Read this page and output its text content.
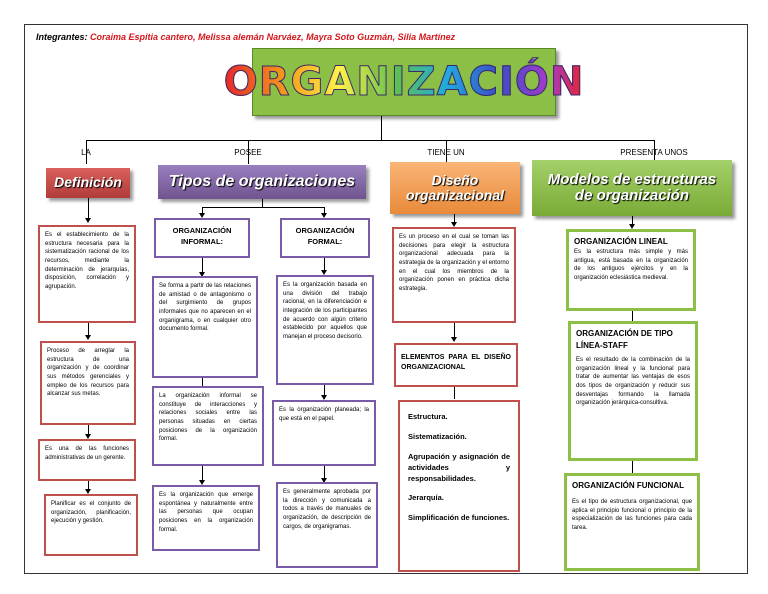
Integrantes: Coraima Espitia cantero, Melissa alemán Narváez, Mayra Soto Guzmán, Silia Martínez
ORGANIZACIÓN
LA	POSEE	TIENE UN	PRESENTA UNOS
Definición	Tipos de organizaciones	Diseño organizacional
Modelos de estructuras de organización
Es el establecimiento de la estructura necesaria para la sistematización racional de los recursos, mediante la determinación de jerarquías, disposición, correlación y agrupación.
Proceso de arreglar la estructura de una organización y de coordinar sus métodos gerenciales y empleo de los recursos para alcanzar sus metas.
Es una de las funciones administrativas de un gerente.
Planificar es el conjunto de organización, planificación, ejecución y gestión.
ORGANIZACIÓN INFORMAL:
Se forma a partir de las relaciones de amistad o de antagonismo o del surgimiento de grupos informales que no aparecen en el organigrama, o en cualquier otro documento formal.
La organización informal se constituye de interacciones y relaciones sociales entre las personas situadas en ciertas posiciones de la organización formal.
Es la organización que emerge espontánea y naturalmente entre las personas que ocupan posiciones en la organización formal.
ORGANIZACIÓN FORMAL:
Es la organización basada en una división del trabajo racional, en la diferenciación e integración de los participantes de acuerdo con algún criterio establecido por aquellos que manejan el proceso decisorio.
Es la organización planeada; la que está en el papel.
Es generalmente aprobada por la dirección y comunicada a todos a través de manuales de organización, de descripción de cargos, de organigramas.
Es un proceso en el cual se toman las decisiones para elegir la estructura organizacional adecuada para la estrategia de la organización y el entorno en el cual los miembros de la organización ponen en práctica dicha estrategia.
ELEMENTOS PARA EL DISEÑO ORGANIZACIONAL
Estructura.
Sistematización.
Agrupación y asignación de actividades y responsabilidades.
Jerarquía.
Simplificación de funciones.
ORGANIZACIÓN LINEAL
Es la estructura más simple y más antigua, está basada en la organización de los antiguos ejércitos y en la organización eclesiástica medieval.
ORGANIZACIÓN DE TIPO LÍNEA-STAFF
Es el resultado de la combinación de la organización lineal y la funcional para tratar de aumentar las ventajas de esos dos tipos de organización y reducir sus desventajas formando la llamada organización jerárquica-consultiva.
ORGANIZACIÓN FUNCIONAL
Es el tipo de estructura organizacional, que aplica el principio funcional o principio de la especialización de las funciones para cada tarea.
